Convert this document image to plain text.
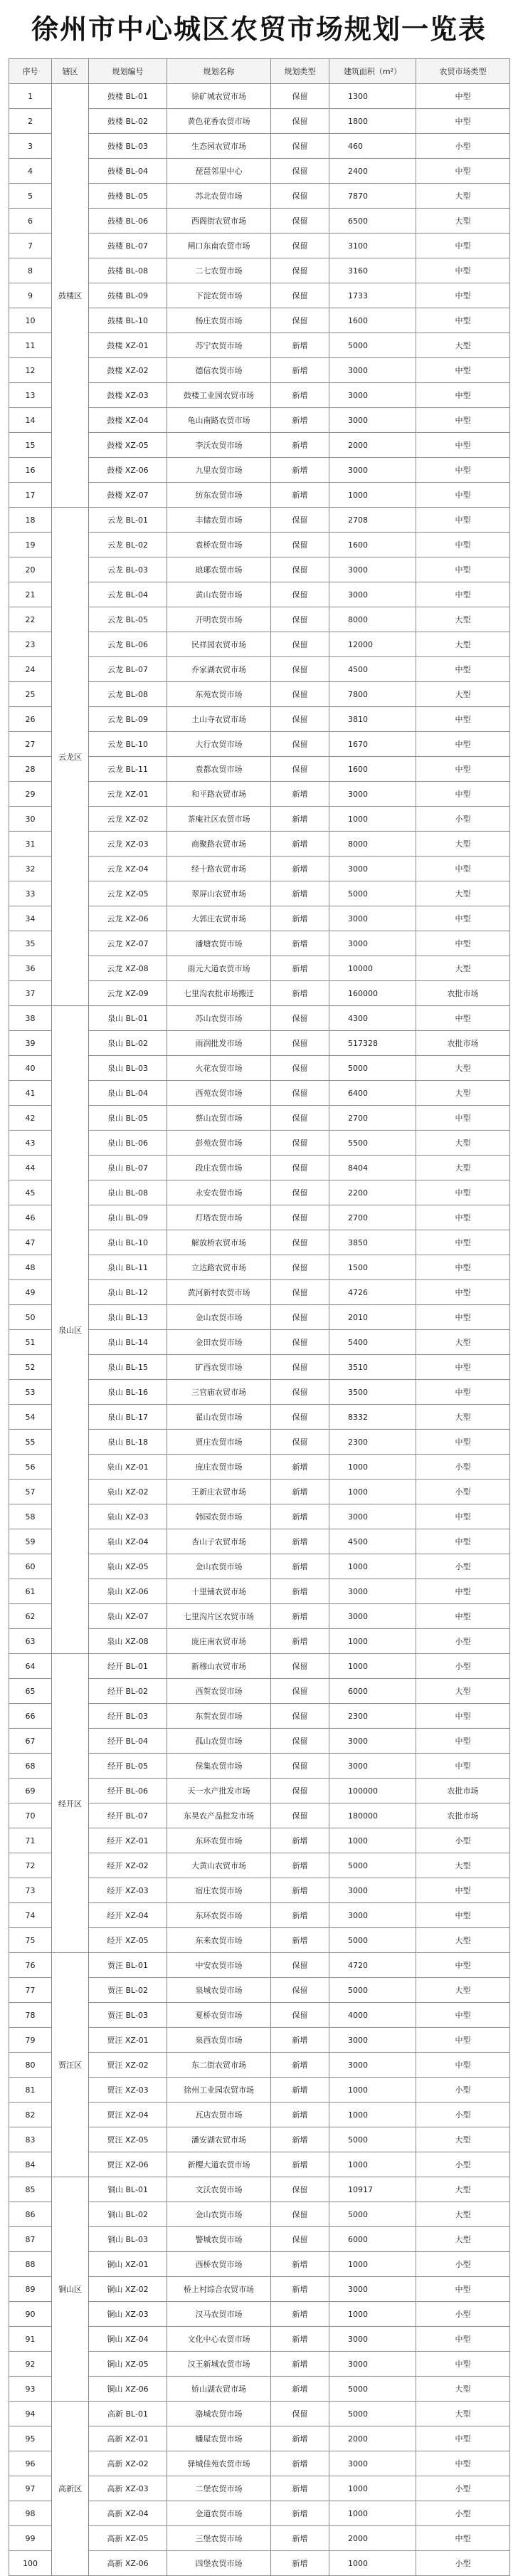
徐州市中心城区农贸市场规划一览表
序号	辖区	规划编号	规划名称	规划类型	建筑面积（m²）	农贸市场类型
1	鼓楼区	鼓楼 BL-01	徐矿城农贸市场	保留	1300	中型
2		鼓楼 BL-02	黄色花香农贸市场	保留	1800	中型
3		鼓楼 BL-03	生态园农贸市场	保留	460	小型
4		鼓楼 BL-04	琵琶邻里中心	保留	2400	中型
5		鼓楼 BL-05	苏北农贸市场	保留	7870	大型
6		鼓楼 BL-06	西阁街农贸市场	保留	6500	大型
7		鼓楼 BL-07	闸口东南农贸市场	保留	3100	中型
8		鼓楼 BL-08	二七农贸市场	保留	3160	中型
9		鼓楼 BL-09	下淀农贸市场	保留	1733	中型
10		鼓楼 BL-10	杨庄农贸市场	保留	1600	中型
11		鼓楼 XZ-01	苏宁农贸市场	新增	5000	大型
12		鼓楼 XZ-02	德信农贸市场	新增	3000	中型
13		鼓楼 XZ-03	鼓楼工业园农贸市场	新增	3000	中型
14		鼓楼 XZ-04	龟山南路农贸市场	新增	3000	中型
15		鼓楼 XZ-05	李沃农贸市场	新增	2000	中型
16		鼓楼 XZ-06	九里农贸市场	新增	3000	中型
17		鼓楼 XZ-07	纺东农贸市场	新增	1000	中型
18	云龙区	云龙 BL-01	丰储农贸市场	保留	2708	中型
19		云龙 BL-02	袁桥农贸市场	保留	1600	中型
20		云龙 BL-03	琅琊农贸市场	保留	3000	中型
21		云龙 BL-04	黄山农贸市场	保留	3000	中型
22		云龙 BL-05	开明农贸市场	保留	8000	大型
23		云龙 BL-06	民祥园农贸市场	保留	12000	大型
24		云龙 BL-07	乔家湖农贸市场	保留	4500	中型
25		云龙 BL-08	东苑农贸市场	保留	7800	大型
26		云龙 BL-09	土山寺农贸市场	保留	3810	中型
27		云龙 BL-10	大行农贸市场	保留	1670	中型
28		云龙 BL-11	袁都农贸市场	保留	1600	中型
29		云龙 XZ-01	和平路农贸市场	新增	3000	中型
30		云龙 XZ-02	茶庵社区农贸市场	新增	1000	小型
31		云龙 XZ-03	商聚路农贸市场	新增	8000	大型
32		云龙 XZ-04	经十路农贸市场	新增	3000	中型
33		云龙 XZ-05	翠屏山农贸市场	新增	5000	大型
34		云龙 XZ-06	大郭庄农贸市场	新增	3000	中型
35		云龙 XZ-07	潘塘农贸市场	新增	3000	中型
36		云龙 XZ-08	雨元大道农贸市场	新增	10000	大型
37		云龙 XZ-09	七里沟农批市场搬迁	新增	160000	农批市场
38	泉山区	泉山 BL-01	苏山农贸市场	保留	4300	中型
39		泉山 BL-02	雨润批发市场	保留	517328	农批市场
40		泉山 BL-03	火花农贸市场	保留	5000	大型
41		泉山 BL-04	西苑农贸市场	保留	6400	大型
42		泉山 BL-05	蔡山农贸市场	保留	2700	中型
43		泉山 BL-06	彭苑农贸市场	保留	5500	大型
44		泉山 BL-07	段庄农贸市场	保留	8404	大型
45		泉山 BL-08	永安农贸市场	保留	2200	中型
46		泉山 BL-09	灯塔农贸市场	保留	2700	中型
47		泉山 BL-10	解放桥农贸市场	保留	3850	中型
48		泉山 BL-11	立达路农贸市场	保留	1500	中型
49		泉山 BL-12	黄河新村农贸市场	保留	4726	中型
50		泉山 BL-13	金山农贸市场	保留	2010	中型
51		泉山 BL-14	金田农贸市场	保留	5400	大型
52		泉山 BL-15	矿西农贸市场	保留	3510	中型
53		泉山 BL-16	三官庙农贸市场	保留	3500	中型
54		泉山 BL-17	翟山农贸市场	保留	8332	大型
55		泉山 BL-18	贾庄农贸市场	保留	2300	中型
56		泉山 XZ-01	庞庄农贸市场	新增	1000	小型
57		泉山 XZ-02	王新庄农贸市场	新增	1000	小型
58		泉山 XZ-03	韩园农贸市场	新增	3000	中型
59		泉山 XZ-04	杏山子农贸市场	新增	4500	中型
60		泉山 XZ-05	金山农贸市场	新增	1000	小型
61		泉山 XZ-06	十里铺农贸市场	新增	3000	中型
62		泉山 XZ-07	七里沟片区农贸市场	新增	3000	中型
63		泉山 XZ-08	庞庄南农贸市场	新增	1000	小型
64	经开区	经开 BL-01	新穆山农贸市场	保留	1000	小型
65		经开 BL-02	西贺农贸市场	保留	6000	大型
66		经开 BL-03	东贺农贸市场	保留	2300	中型
67		经开 BL-04	孤山农贸市场	保留	3000	中型
68		经开 BL-05	侯集农贸市场	保留	3000	中型
69		经开 BL-06	天一水产批发市场	保留	100000	农批市场
70		经开 BL-07	东昊农产品批发市场	保留	180000	农批市场
71		经开 XZ-01	东环农贸市场	新增	1000	小型
72		经开 XZ-02	大黄山农贸市场	新增	5000	大型
73		经开 XZ-03	宿庄农贸市场	新增	3000	中型
74		经开 XZ-04	东环农贸市场	新增	3000	中型
75		经开 XZ-05	东来农贸市场	新增	5000	大型
76	贾汪区	贾汪 BL-01	中安农贸市场	保留	4720	中型
77		贾汪 BL-02	泉城农贸市场	保留	5000	大型
78		贾汪 BL-03	夏桥农贸市场	保留	4000	中型
79		贾汪 XZ-01	泉西农贸市场	新增	3000	中型
80		贾汪 XZ-02	东二街农贸市场	新增	3000	中型
81		贾汪 XZ-03	徐州工业园农贸市场	新增	1000	小型
82		贾汪 XZ-04	瓦店农贸市场	新增	1000	小型
83		贾汪 XZ-05	潘安湖农贸市场	新增	5000	大型
84		贾汪 XZ-06	新樱大道农贸市场	新增	1000	小型
85	铜山区	铜山 BL-01	文沃农贸市场	保留	10917	大型
86		铜山 BL-02	金山农贸市场	保留	5000	大型
87		铜山 BL-03	警城农贸市场	保留	6000	大型
88		铜山 XZ-01	西桥农贸市场	新增	1000	小型
89		铜山 XZ-02	桥上村综合农贸市场	新增	3000	中型
90		铜山 XZ-03	汉马农贸市场	新增	1000	小型
91		铜山 XZ-04	文化中心农贸市场	新增	3000	中型
92		铜山 XZ-05	汉王新城农贸市场	新增	3000	中型
93		铜山 XZ-06	娇山湖农贸市场	新增	5000	大型
94	高新区	高新 BL-01	骆城农贸市场	保留	5000	大型
95		高新 XZ-01	蟠屋农贸市场	新增	2000	中型
96		高新 XZ-02	驿城佳苑农贸市场	新增	3000	中型
97		高新 XZ-03	二堡农贸市场	新增	1000	小型
98		高新 XZ-04	金道农贸市场	新增	1000	小型
99		高新 XZ-05	三堡农贸市场	新增	2000	中型
100		高新 XZ-06	四堡农贸市场	新增	1000	小型
